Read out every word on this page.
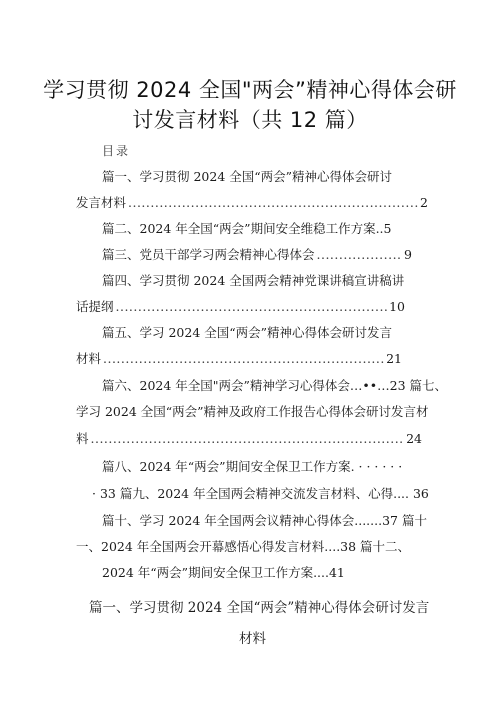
学习贯彻 2024 全国"两会”精神心得体会研
讨发言材料（共 12 篇）
目录
篇一、学习贯彻 2024 全国“两会”精神心得体会研讨
发言材料 .....	2
篇二、2024 年全国“两会”期间安全维稳工作方案..5
篇三、党员干部学习两会精神心得体会 .....	9
篇四、学习贯彻 2024 全国两会精神党课讲稿宣讲稿讲
话提纲 .....	10
篇五、学习 2024 全国“两会”精神心得体会研讨发言
材料 .....	21
篇六、2024 年全国"两会”精神学习心得体会…••…23 篇七、
学习 2024 全国“两会”精神及政府工作报告心得体会研讨发言材
料 .....	24
篇八、2024 年“两会”期间安全保卫工作方案. · · · · · ·
· 33 篇九、2024 年全国两会精神交流发言材料、心得.... 36
篇十、学习 2024 年全国两会议精神心得体会.......37 篇十
一、2024 年全国两会开幕感悟心得发言材料....38 篇十二、
2024 年“两会”期间安全保卫工作方案....41
篇一、学习贯彻 2024 全国“两会”精神心得体会研讨发言
材料
